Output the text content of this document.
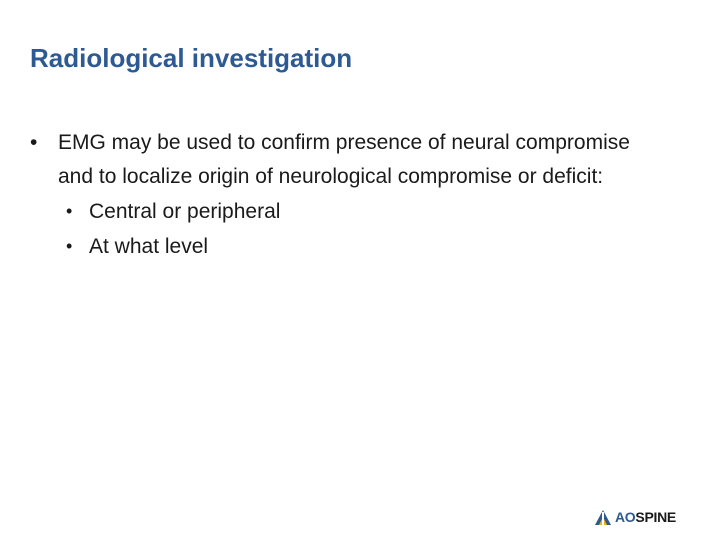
Radiological investigation
• EMG may be used to confirm presence of neural compromise and to localize origin of neurological compromise or deficit:
• Central or peripheral
• At what level
AOSPINE
